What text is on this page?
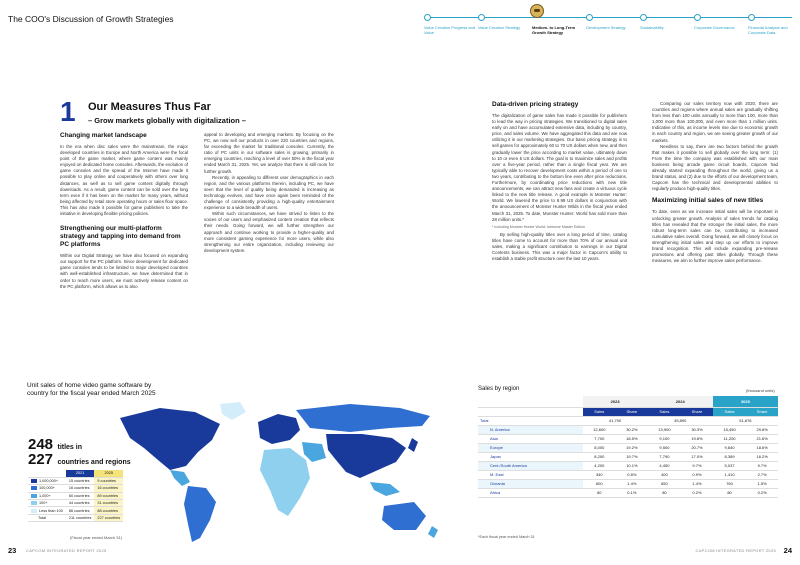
The COO's Discussion of Growth Strategies
Value Creation Progress and Value
Value Creation Strategy	Medium- to Long-Term Growth Strategy
Development Strategy	Sustainability	Corporate Governance	Financial Analysis and Corporate Data
1 Our Measures Thus Far
– Grow markets globally with digitalization –
Changing market landscape

In the era when disc sales were the mainstream, the major developed countries in Europe and North America were the focal point of the game market, where game content was mainly enjoyed on dedicated home consoles. Afterwards, the evolution of game consoles and the spread of the Internet have made it possible to play online and cooperatively with others over long distances, as well as to sell game content digitally through downloads. As a result, game content can be sold over the long term even if it has been on the market for many years, without being affected by retail store operating hours or sales floor space. This has also made it possible for game publishers to take the initiative in developing flexible pricing policies.

Strengthening our multi-platform strategy and tapping into demand from PC platforms

Within our Digital Strategy, we have also focused on expanding our support for the PC platform. Since development for dedicated game consoles tends to be limited to major developed countries with well-established infrastructure, we have determined that in order to reach more users, we must actively release content on the PC platform, which allows us to also

appeal to developing and emerging markets. By focusing on the PC, we now sell our products in over 220 countries and regions, far exceeding the market for traditional consoles. Currently, the ratio of PC units in our software sales is growing, primarily in emerging countries, reaching a level of over 50% in the fiscal year ended March 31, 2025. Yet, we analyze that there is still room for further growth.

Recently, in appealing to different user demographics in each region, and the various platforms therein, including PC, we have seen that the level of quality being demanded is increasing as technology evolves, and have once again been reminded of the challenge of consistently providing a high-quality entertainment experience to a wide breadth of users.

Within such circumstances, we have strived to listen to the voices of our users and emphasized content creation that reflects their needs. Going forward, we will further strengthen our approach and continue working to provide a higher-quality and more consistent gaming experience for more users, while also strengthening our entire organization, including reviewing our development system.

Data-driven pricing strategy

The digitalization of game sales has made it possible for publishers to lead the way in pricing strategies. We transitioned to digital sales early on and have accumulated extensive data, including by country, price, and sales volume. We have aggregated this data and are now utilizing it in our marketing strategies. Our basic pricing strategy is to sell games for approximately 60 to 70 US dollars when new, and then gradually lower the price according to market value, ultimately down to 10 or even 5 US dollars. The goal is to maximize sales and profits over a five-year period, rather than a single fiscal year. We are typically able to recover development costs within a period of one to two years, contributing to the bottom line even after price reductions. Furthermore, by coordinating price reductions with new title announcements, we can attract new fans and create a virtuous cycle linked to the new title release. A good example is Monster Hunter: World. We lowered the price to 9.99 US dollars in conjunction with the announcement of Monster Hunter Wilds in the fiscal year ended March 31, 2025. To date, Monster Hunter: World has sold more than 28 million units.*

* Including Monster Hunter World: Iceborne Master Edition

By selling high-quality titles over a long period of time, catalog titles have come to account for more than 70% of our annual unit sales, making a significant contribution to earnings in our Digital Contents business. This was a major factor in Capcom's ability to establish a stable profit structure over the last 10 years.

Comparing our sales territory now with 2020, there are countries and regions where annual sales are gradually shifting from less than 100 units annually to more than 100, more than 1,000 more than 100,000, and even more than 1 million units. Indicative of this, as income levels rise due to economic growth in each country and region, we are seeing greater growth of our markets.

Needless to say, there are two factors behind the growth that makes it possible to sell globally over the long term: (1) From the time the company was established with our main business being arcade game circuit boards, Capcom had already started expanding throughout the world, giving us a brand status, and (2) due to the efforts of our development team, Capcom has the technical and developmental abilities to regularly produce high-quality titles.

Maximizing initial sales of new titles

To date, even as we increase initial sales will be important in unlocking greater growth. Analysis of sales trends for catalog titles has revealed that the stronger the initial sales, the more robust long-term sales can be, contributing to increased cumulative sales overall. Going forward, we will closely focus on strengthening initial sales and step up our efforts to improve brand recognition. This will include expanding pre-release promotions and offering past titles globally. Through these measures, we aim to further improve sales performance.

Unit sales of home video game software by country for the fiscal year ended March 2025
248 titles in
227 countries and regions
	2021	2025
1,000,000+	15 countries	9 countries
100,000+	16 countries	16 countries
1,000+	60 countries	89 countries
100+	44 countries	31 countries
Less than 100	86 countries	88 countries
Total	211 countries	227 countries
(Fiscal year ended March 31)
Sales by region	(thousand units)
	2023		2024		2025	
	Sales	Share	Sales	Share	Sales	Share
Total	41,700		45,890		51,876	
N. America	12,600	30.2%	13,900	30.3%	15,450	29.8%
Asia	7,700	18.5%	9,100	19.8%	11,200	21.6%
Europe	8,000	19.2%	9,500	20.7%	9,640	18.6%
Japan	8,200	19.7%	7,790	17.0%	8,389	16.2%
Cent./South America	4,200	10.1%	4,450	9.7%	5,037	9.7%
M. East	340	0.8%	400	0.9%	1,410	2.7%
Oceania	600	1.4%	650	1.4%	760	1.5%
Africa	60	0.1%	80	0.2%	80	0.2%
*Each fiscal year ended March 31
23 CAPCOM INTEGRATED REPORT 2025	CAPCOM INTEGRATED REPORT 2025 24
